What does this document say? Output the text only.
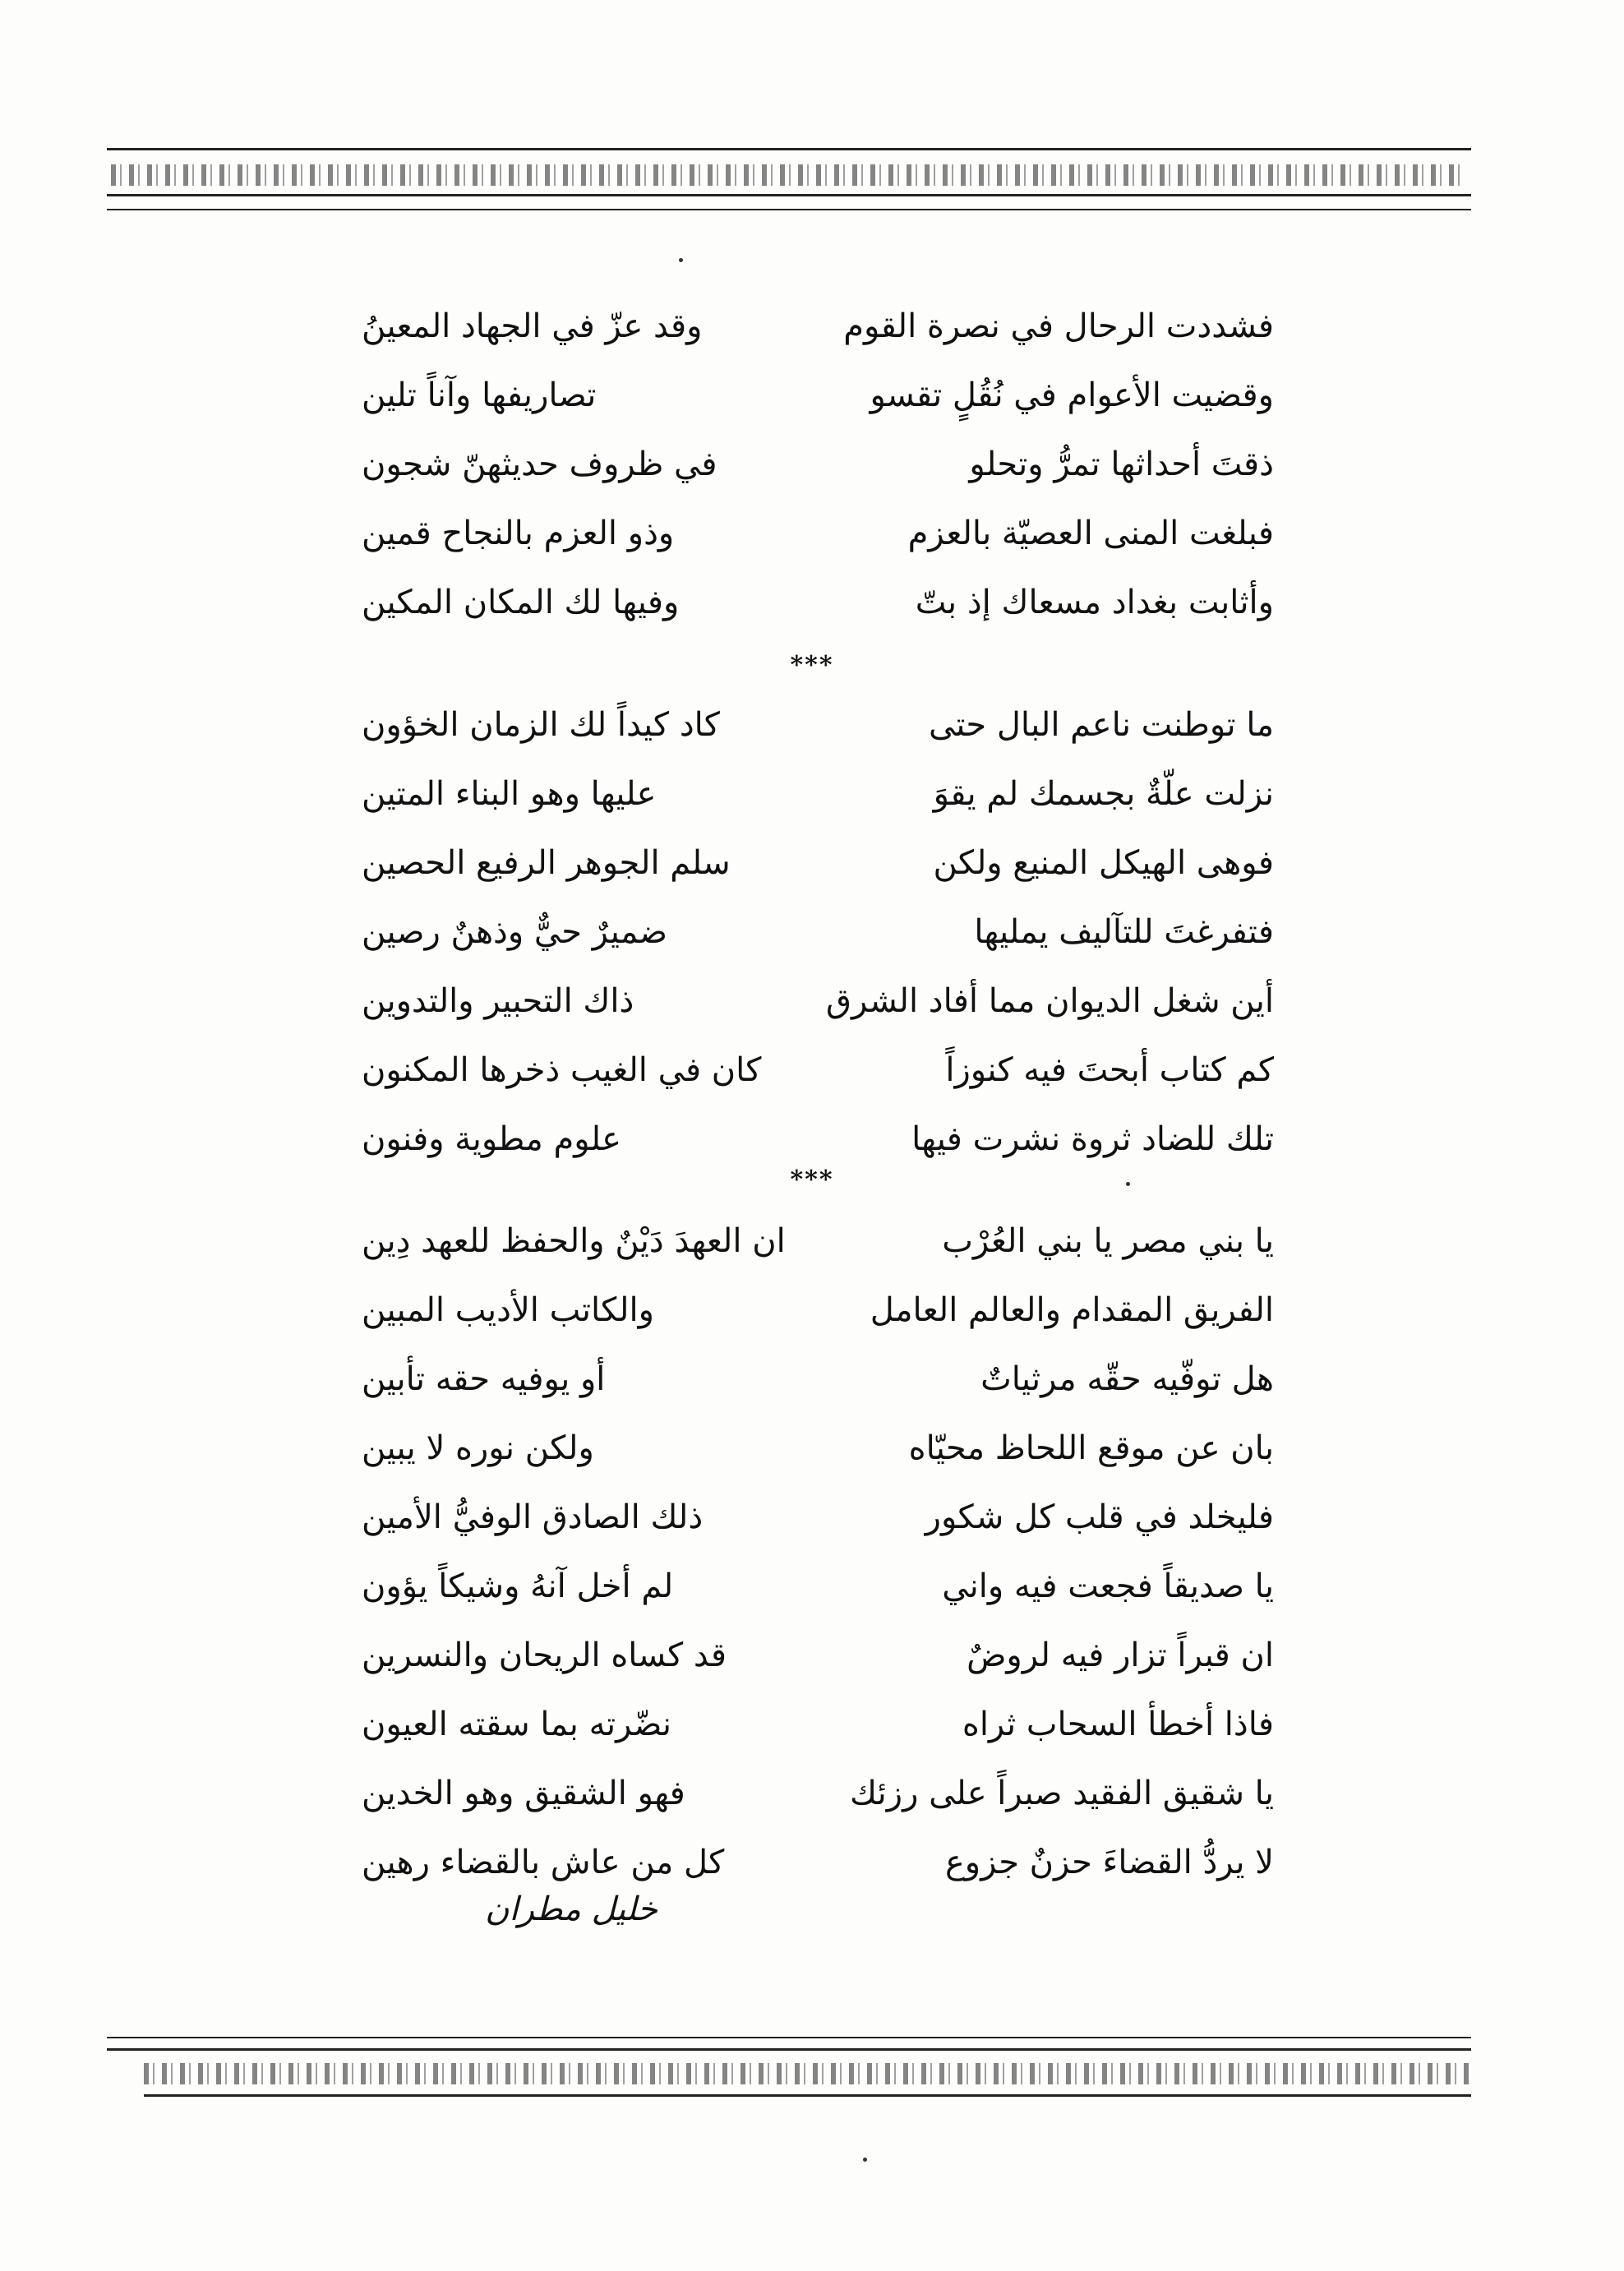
فشددت الرحال في نصرة القوم
وقد عزّ في الجهاد المعينُ
وقضيت الأعوام في نُقُلٍ تقسو
تصاريفها وآناً تلين
ذقتَ أحداثها تمرُّ وتحلو
في ظروف حديثهنّ شجون
فبلغت المنى العصيّة بالعزم
وذو العزم بالنجاح قمين
وأثابت بغداد مسعاك إذ بتّ
وفيها لك المكان المكين
***
ما توطنت ناعم البال حتى
كاد كيداً لك الزمان الخؤون
نزلت علّةٌ بجسمك لم يقوَ
عليها وهو البناء المتين
فوهى الهيكل المنيع ولكن
سلم الجوهر الرفيع الحصين
فتفرغتَ للتآليف يمليها
ضميرٌ حيٌّ وذهنٌ رصين
أين شغل الديوان مما أفاد الشرق
ذاك التحبير والتدوين
كم كتاب أبحتَ فيه كنوزاً
كان في الغيب ذخرها المكنون
تلك للضاد ثروة نشرت فيها
علوم مطوية وفنون
***
يا بني مصر يا بني العُرْب
ان العهدَ دَيْنٌ والحفظ للعهد دِين
الفريق المقدام والعالم العامل
والكاتب الأديب المبين
هل توفّيه حقّه مرثياتٌ
أو يوفيه حقه تأبين
بان عن موقع اللحاظ محيّاه
ولكن نوره لا يبين
فليخلد في قلب كل شكور
ذلك الصادق الوفيُّ الأمين
يا صديقاً فجعت فيه واني
لم أخل آنهُ وشيكاً يؤون
ان قبراً تزار فيه لروضٌ
قد كساه الريحان والنسرين
فاذا أخطأ السحاب ثراه
نضّرته بما سقته العيون
يا شقيق الفقيد صبراً على رزئك
فهو الشقيق وهو الخدين
لا يردُّ القضاءَ حزنٌ جزوع
كل من عاش بالقضاء رهين
خليل مطران
